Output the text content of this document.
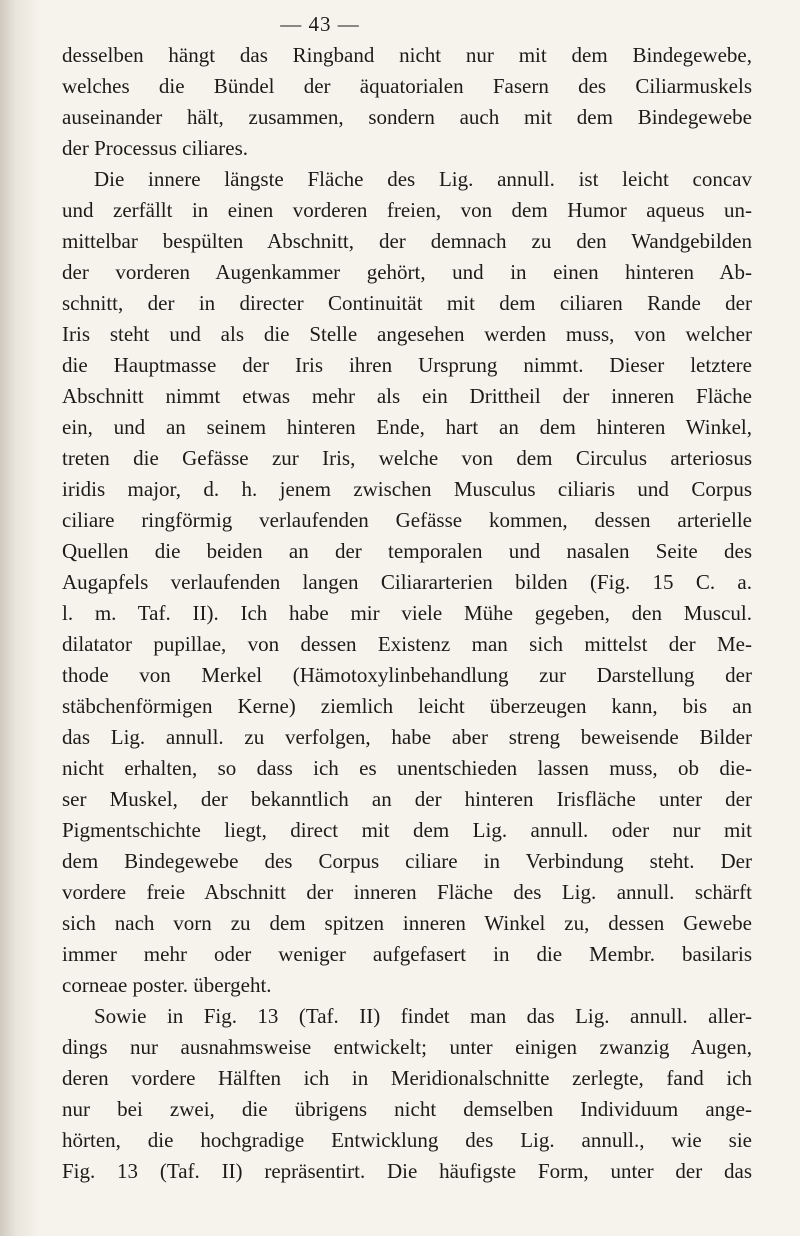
— 43 —
desselben hängt das Ringband nicht nur mit dem Bindegewebe,
welches die Bündel der äquatorialen Fasern des Ciliarmuskels
auseinander hält, zusammen, sondern auch mit dem Bindegewebe
der Processus ciliares.
Die innere längste Fläche des Lig. annull. ist leicht concav
und zerfällt in einen vorderen freien, von dem Humor aqueus un-
mittelbar bespülten Abschnitt, der demnach zu den Wandgebilden
der vorderen Augenkammer gehört, und in einen hinteren Ab-
schnitt, der in directer Continuität mit dem ciliaren Rande der
Iris steht und als die Stelle angesehen werden muss, von welcher
die Hauptmasse der Iris ihren Ursprung nimmt. Dieser letztere
Abschnitt nimmt etwas mehr als ein Drittheil der inneren Fläche
ein, und an seinem hinteren Ende, hart an dem hinteren Winkel,
treten die Gefässe zur Iris, welche von dem Circulus arteriosus
iridis major, d. h. jenem zwischen Musculus ciliaris und Corpus
ciliare ringförmig verlaufenden Gefässe kommen, dessen arterielle
Quellen die beiden an der temporalen und nasalen Seite des
Augapfels verlaufenden langen Ciliararterien bilden (Fig. 15 C. a.
l. m. Taf. II). Ich habe mir viele Mühe gegeben, den Muscul.
dilatator pupillae, von dessen Existenz man sich mittelst der Me-
thode von Merkel (Hämotoxylinbehandlung zur Darstellung der
stäbchenförmigen Kerne) ziemlich leicht überzeugen kann, bis an
das Lig. annull. zu verfolgen, habe aber streng beweisende Bilder
nicht erhalten, so dass ich es unentschieden lassen muss, ob die-
ser Muskel, der bekanntlich an der hinteren Irisfläche unter der
Pigmentschichte liegt, direct mit dem Lig. annull. oder nur mit
dem Bindegewebe des Corpus ciliare in Verbindung steht. Der
vordere freie Abschnitt der inneren Fläche des Lig. annull. schärft
sich nach vorn zu dem spitzen inneren Winkel zu, dessen Gewebe
immer mehr oder weniger aufgefasert in die Membr. basilaris
corneae poster. übergeht.
Sowie in Fig. 13 (Taf. II) findet man das Lig. annull. aller-
dings nur ausnahmsweise entwickelt; unter einigen zwanzig Augen,
deren vordere Hälften ich in Meridionalschnitte zerlegte, fand ich
nur bei zwei, die übrigens nicht demselben Individuum ange-
hörten, die hochgradige Entwicklung des Lig. annull., wie sie
Fig. 13 (Taf. II) repräsentirt. Die häufigste Form, unter der das
